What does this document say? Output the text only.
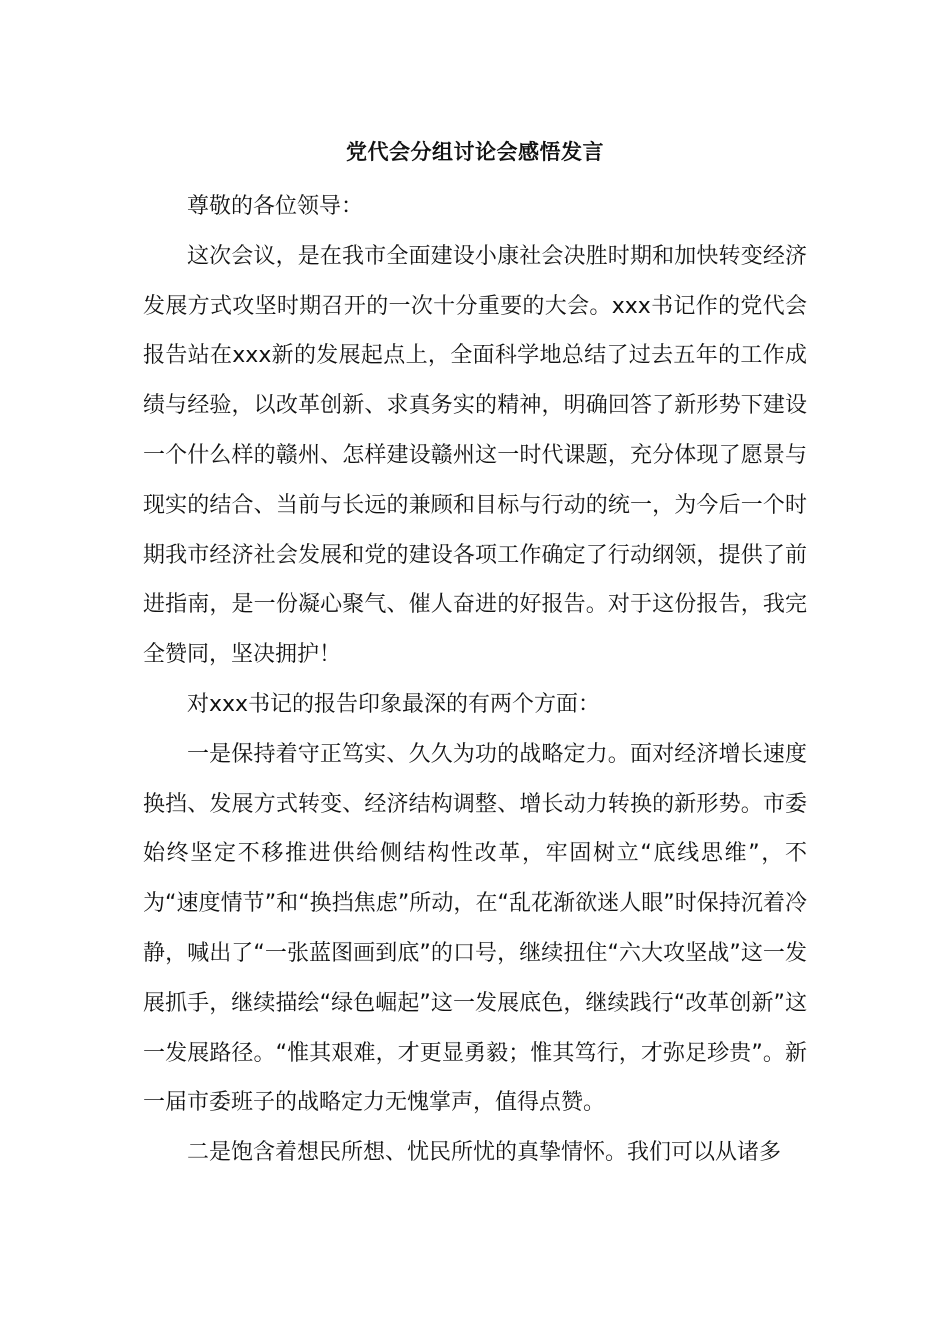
党代会分组讨论会感悟发言

尊敬的各位领导：

这次会议，是在我市全面建设小康社会决胜时期和加快转变经济发展方式攻坚时期召开的一次十分重要的大会。xxx书记作的党代会报告站在xxx新的发展起点上，全面科学地总结了过去五年的工作成绩与经验，以改革创新、求真务实的精神，明确回答了新形势下建设一个什么样的赣州、怎样建设赣州这一时代课题，充分体现了愿景与现实的结合、当前与长远的兼顾和目标与行动的统一，为今后一个时期我市经济社会发展和党的建设各项工作确定了行动纲领，提供了前进指南，是一份凝心聚气、催人奋进的好报告。对于这份报告，我完全赞同，坚决拥护！

对xxx书记的报告印象最深的有两个方面：

一是保持着守正笃实、久久为功的战略定力。面对经济增长速度换挡、发展方式转变、经济结构调整、增长动力转换的新形势。市委始终坚定不移推进供给侧结构性改革，牢固树立“底线思维”，不为“速度情节”和“换挡焦虑”所动，在“乱花渐欲迷人眼”时保持沉着冷静，喊出了“一张蓝图画到底”的口号，继续扭住“六大攻坚战”这一发展抓手，继续描绘“绿色崛起”这一发展底色，继续践行“改革创新”这一发展路径。“惟其艰难，才更显勇毅；惟其笃行，才弥足珍贵”。新一届市委班子的战略定力无愧掌声，值得点赞。

二是饱含着想民所想、忧民所忧的真挚情怀。我们可以从诸多
